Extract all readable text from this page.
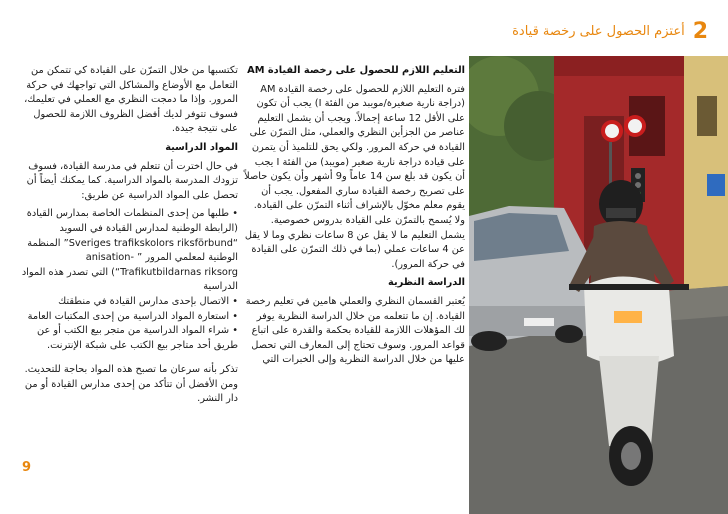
2
أعتزم الحصول على رخصة قيادة

التعليم اللازم للحصول على رخصة القيادة AM

فترة التعليم اللازم للحصول على رخصة القيادة AM (دراجة نارية صغيرة/مويبد من الفئة I) يجب أن تكون على الأقل 12 ساعة إجمالاً. ويجب أن يشمل التعليم عناصر من الجزأين النظري والعملي، مثل التمرّن على القيادة في حركة المرور. ولكي يحق للتلميذ أن يتمرن على قيادة دراجة نارية صغير (مويبد) من الفئة I يجب أن يكون قد بلغ سن 14 عاماً و9 أشهر وأن يكون حاصلاً على تصريح رخصة القيادة ساري المفعول. يجب أن يقوم معلم مخوّل بالإشراف أثناء التمرّن على القيادة. ولا يُسمح بالتمرّن على القيادة بدروس خصوصية. يشمل التعليم ما لا يقل عن 8 ساعات نظري وما لا يقل عن 4 ساعات عملي (بما في ذلك التمرّن على القيادة في حركة المرور).

الدراسة النظرية

يُعتبر القسمان النظري والعملي هامين في تعليم رخصة القيادة. إن ما تتعلمه من خلال الدراسة النظرية يوفر لك المؤهلات اللازمة للقيادة بحكمة والقدرة على اتباع قواعد المرور. وسوف تحتاج إلى المعارف التي تحصل عليها من خلال الدراسة النظرية وإلى الخبرات التي

تكتسبها من خلال التمرّن على القيادة كي تتمكن من التعامل مع الأوضاع والمشاكل التي تواجهك في حركة المرور. وإذا ما دمجت النظري مع العملي في تعليمك، فسوف تتوفر لديك أفضل الظروف اللازمة للحصول على نتيجة جيدة.

المواد الدراسية

في حال اخترت أن تتعلم في مدرسة القيادة، فسوف تزودك المدرسة بالمواد الدراسية. كما يمكنك أيضاً أن تحصل على المواد الدراسية عن طريق:

• طلبها من إحدى المنظمات الخاصة بمدارس القيادة (الرابطة الوطنية لمدارس القيادة في السويد “Sveriges trafikskolors riksförbund” المنظمة الوطنية لمعلمي المرور ” -anisation Trafikutbildarnas riksorg“) التي تصدر هذه المواد الدراسية
• الاتصال بإحدى مدارس القيادة في منطقتك
• استعارة المواد الدراسية من إحدى المكتبات العامة
• شراء المواد الدراسية من متجر بيع الكتب أو عن طريق أحد متاجر بيع الكتب على شبكة الإنترنت.

تذكر بأنه سرعان ما تصبح هذه المواد بحاجة للتحديث. ومن الأفضل أن تتأكد من إحدى مدارس القيادة أو من دار النشر.

9
